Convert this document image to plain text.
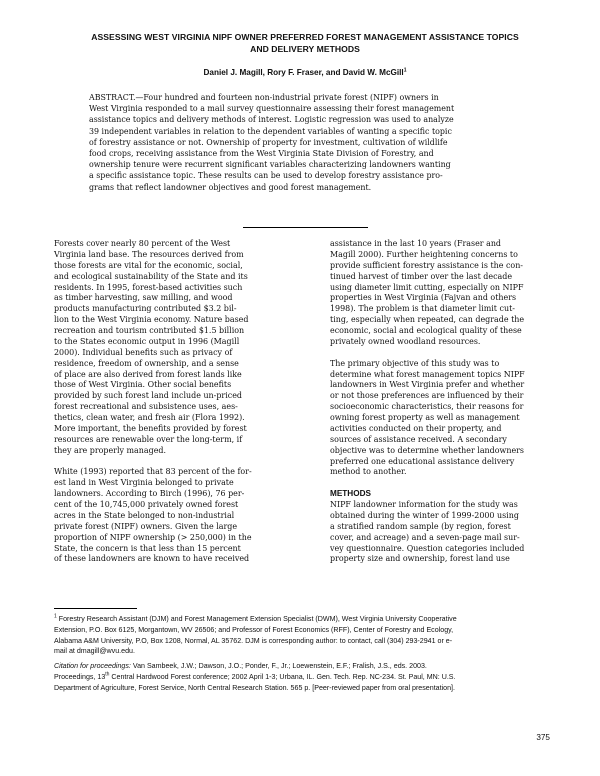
ASSESSING WEST VIRGINIA NIPF OWNER PREFERRED FOREST MANAGEMENT ASSISTANCE TOPICS
AND DELIVERY METHODS
Daniel J. Magill, Rory F. Fraser, and David W. McGill$^1$
ABSTRACT.—Four hundred and fourteen non-industrial private forest (NIPF) owners in
West Virginia responded to a mail survey questionnaire assessing their forest management
assistance topics and delivery methods of interest. Logistic regression was used to analyze
39 independent variables in relation to the dependent variables of wanting a specific topic
of forestry assistance or not. Ownership of property for investment, cultivation of wildlife
food crops, receiving assistance from the West Virginia State Division of Forestry, and
ownership tenure were recurrent significant variables characterizing landowners wanting
a specific assistance topic. These results can be used to develop forestry assistance pro-
grams that reflect landowner objectives and good forest management.

Forests cover nearly 80 percent of the West
Virginia land base. The resources derived from
those forests are vital for the economic, social,
and ecological sustainability of the State and its
residents. In 1995, forest-based activities such
as timber harvesting, saw milling, and wood
products manufacturing contributed $3.2 bil-
lion to the West Virginia economy. Nature based
recreation and tourism contributed $1.5 billion
to the States economic output in 1996 (Magill
2000). Individual benefits such as privacy of
residence, freedom of ownership, and a sense
of place are also derived from forest lands like
those of West Virginia. Other social benefits
provided by such forest land include un-priced
forest recreational and subsistence uses, aes-
thetics, clean water, and fresh air (Flora 1992).
More important, the benefits provided by forest
resources are renewable over the long-term, if
they are properly managed.

White (1993) reported that 83 percent of the for-
est land in West Virginia belonged to private
landowners. According to Birch (1996), 76 per-
cent of the 10,745,000 privately owned forest
acres in the State belonged to non-industrial
private forest (NIPF) owners. Given the large
proportion of NIPF ownership (> 250,000) in the
State, the concern is that less than 15 percent
of these landowners are known to have received

assistance in the last 10 years (Fraser and
Magill 2000). Further heightening concerns to
provide sufficient forestry assistance is the con-
tinued harvest of timber over the last decade
using diameter limit cutting, especially on NIPF
properties in West Virginia (Fajvan and others
1998). The problem is that diameter limit cut-
ting, especially when repeated, can degrade the
economic, social and ecological quality of these
privately owned woodland resources.

The primary objective of this study was to
determine what forest management topics NIPF
landowners in West Virginia prefer and whether
or not those preferences are influenced by their
socioeconomic characteristics, their reasons for
owning forest property as well as management
activities conducted on their property, and
sources of assistance received. A secondary
objective was to determine whether landowners
preferred one educational assistance delivery
method to another.

METHODS

NIPF landowner information for the study was
obtained during the winter of 1999-2000 using
a stratified random sample (by region, forest
cover, and acreage) and a seven-page mail sur-
vey questionnaire. Question categories included
property size and ownership, forest land use

$^1$ Forestry Research Assistant (DJM) and Forest Management Extension Specialist (DWM), West Virginia University Cooperative
Extension, P.O. Box 6125, Morgantown, WV 26506; and Professor of Forest Economics (RFF), Center of Forestry and Ecology,
Alabama A&M University, P.O, Box 1208, Normal, AL 35762. DJM is corresponding author: to contact, call (304) 293-2941 or e-
mail at dmagill@wvu.edu.
Citation for proceedings: Van Sambeek, J.W.; Dawson, J.O.; Ponder, F., Jr.; Loewenstein, E.F.; Fralish, J.S., eds. 2003.
Proceedings, 13th Central Hardwood Forest conference; 2002 April 1-3; Urbana, IL. Gen. Tech. Rep. NC-234. St. Paul, MN: U.S.
Department of Agriculture, Forest Service, North Central Research Station. 565 p. [Peer-reviewed paper from oral presentation].
375
